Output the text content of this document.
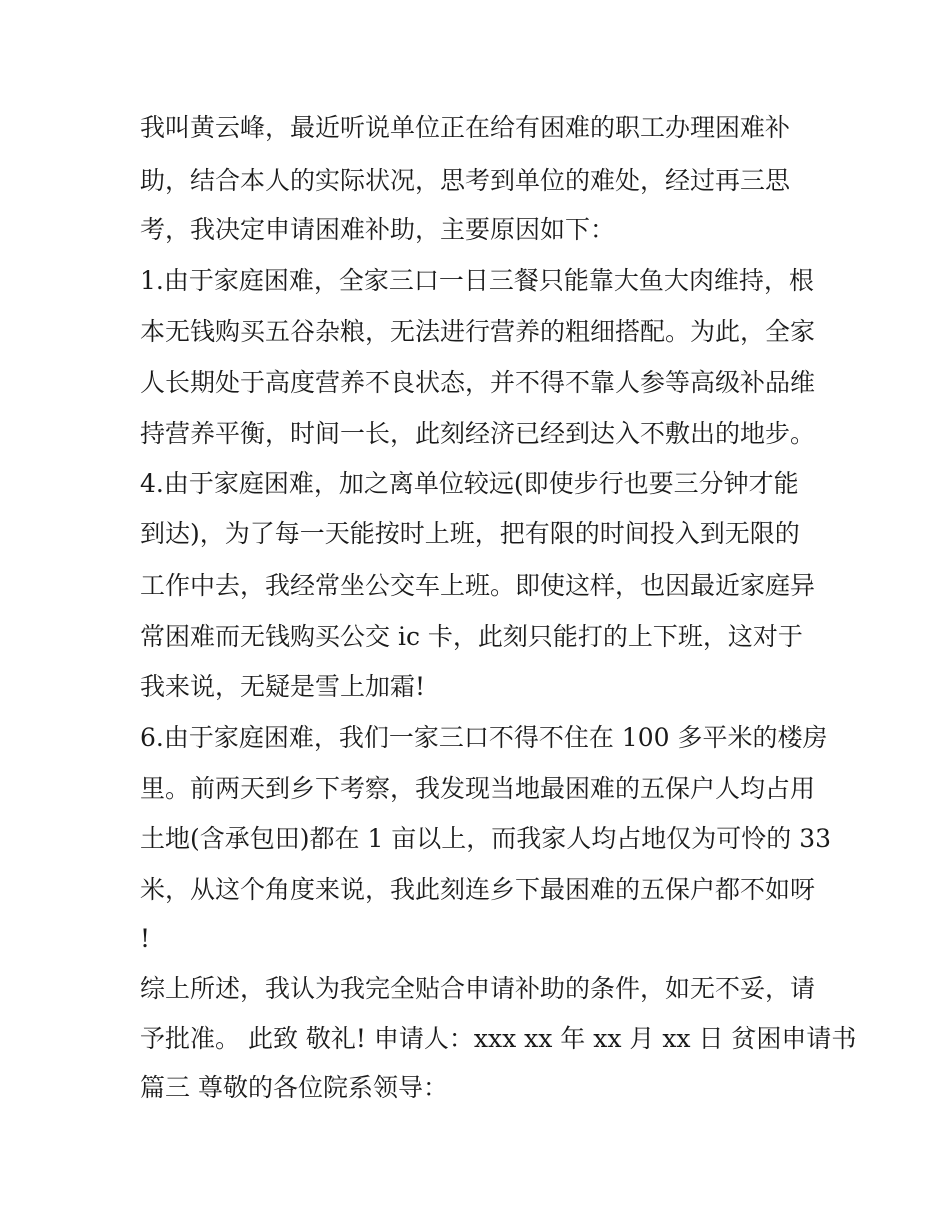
我叫黄云峰，最近听说单位正在给有困难的职工办理困难补
助，结合本人的实际状况，思考到单位的难处，经过再三思
考，我决定申请困难补助，主要原因如下：
1.由于家庭困难，全家三口一日三餐只能靠大鱼大肉维持，根
本无钱购买五谷杂粮，无法进行营养的粗细搭配。为此，全家
人长期处于高度营养不良状态，并不得不靠人参等高级补品维
持营养平衡，时间一长，此刻经济已经到达入不敷出的地步。
4.由于家庭困难，加之离单位较远(即使步行也要三分钟才能
到达)，为了每一天能按时上班，把有限的时间投入到无限的
工作中去，我经常坐公交车上班。即使这样，也因最近家庭异
常困难而无钱购买公交 ic 卡，此刻只能打的上下班，这对于
我来说，无疑是雪上加霜!
6.由于家庭困难，我们一家三口不得不住在 100 多平米的楼房
里。前两天到乡下考察，我发现当地最困难的五保户人均占用
土地(含承包田)都在 1 亩以上，而我家人均占地仅为可怜的 33
米，从这个角度来说，我此刻连乡下最困难的五保户都不如呀
!
综上所述，我认为我完全贴合申请补助的条件，如无不妥，请
予批准。 此致 敬礼! 申请人：xxx xx 年 xx 月 xx 日 贫困申请书
篇三 尊敬的各位院系领导：
